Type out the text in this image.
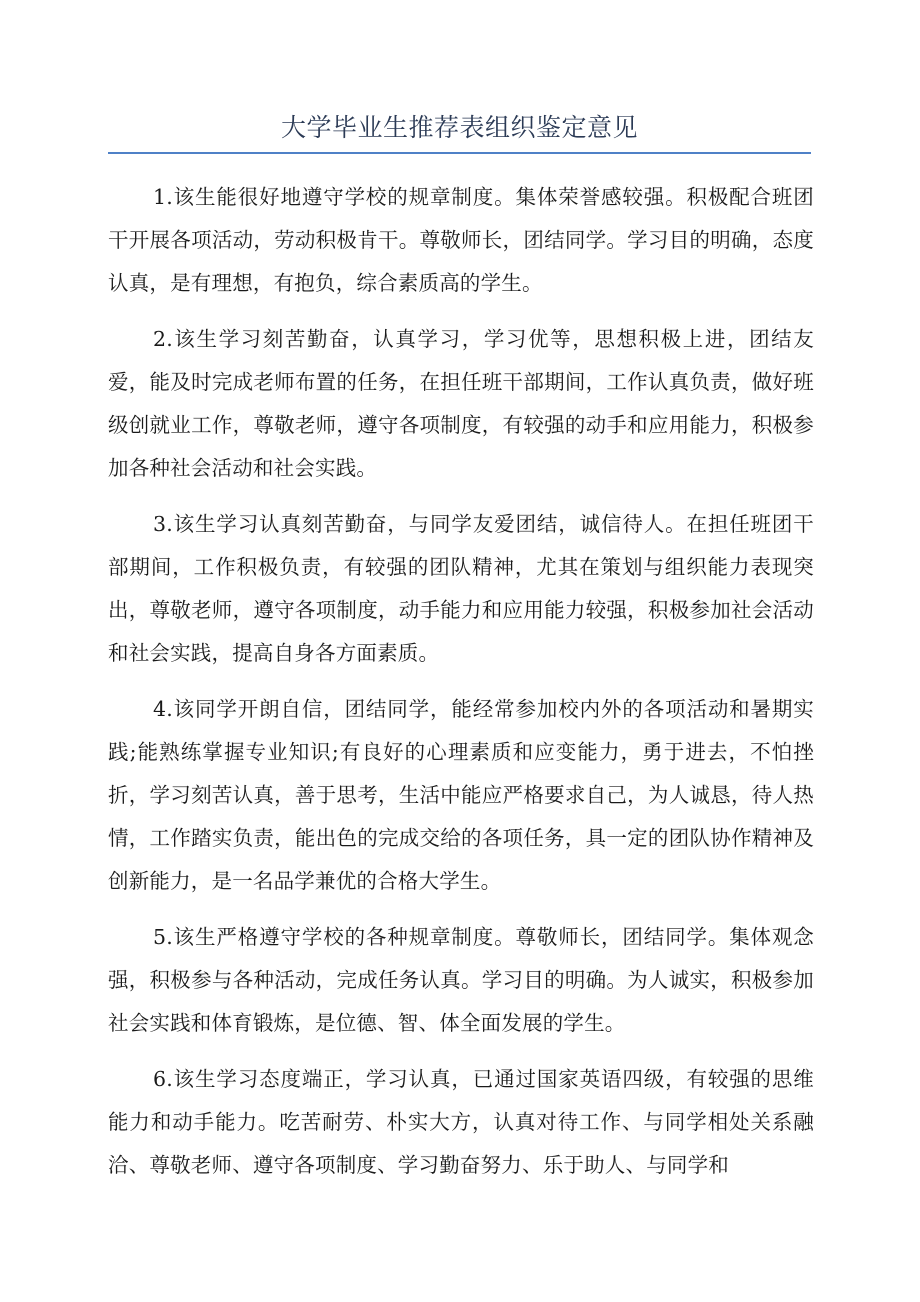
大学毕业生推荐表组织鉴定意见

1.该生能很好地遵守学校的规章制度。集体荣誉感较强。积极配合班团干开展各项活动，劳动积极肯干。尊敬师长，团结同学。学习目的明确，态度认真，是有理想，有抱负，综合素质高的学生。

2.该生学习刻苦勤奋，认真学习，学习优等，思想积极上进，团结友爱，能及时完成老师布置的任务，在担任班干部期间，工作认真负责，做好班级创就业工作，尊敬老师，遵守各项制度，有较强的动手和应用能力，积极参加各种社会活动和社会实践。

3.该生学习认真刻苦勤奋，与同学友爱团结，诚信待人。在担任班团干部期间，工作积极负责，有较强的团队精神，尤其在策划与组织能力表现突出，尊敬老师，遵守各项制度，动手能力和应用能力较强，积极参加社会活动和社会实践，提高自身各方面素质。

4.该同学开朗自信，团结同学，能经常参加校内外的各项活动和暑期实践;能熟练掌握专业知识;有良好的心理素质和应变能力，勇于进去，不怕挫折，学习刻苦认真，善于思考，生活中能应严格要求自己，为人诚恳，待人热情，工作踏实负责，能出色的完成交给的各项任务，具一定的团队协作精神及创新能力，是一名品学兼优的合格大学生。

5.该生严格遵守学校的各种规章制度。尊敬师长，团结同学。集体观念强，积极参与各种活动，完成任务认真。学习目的明确。为人诚实，积极参加社会实践和体育锻炼，是位德、智、体全面发展的学生。

6.该生学习态度端正，学习认真，已通过国家英语四级，有较强的思维能力和动手能力。吃苦耐劳、朴实大方，认真对待工作、与同学相处关系融洽、尊敬老师、遵守各项制度、学习勤奋努力、乐于助人、与同学和
